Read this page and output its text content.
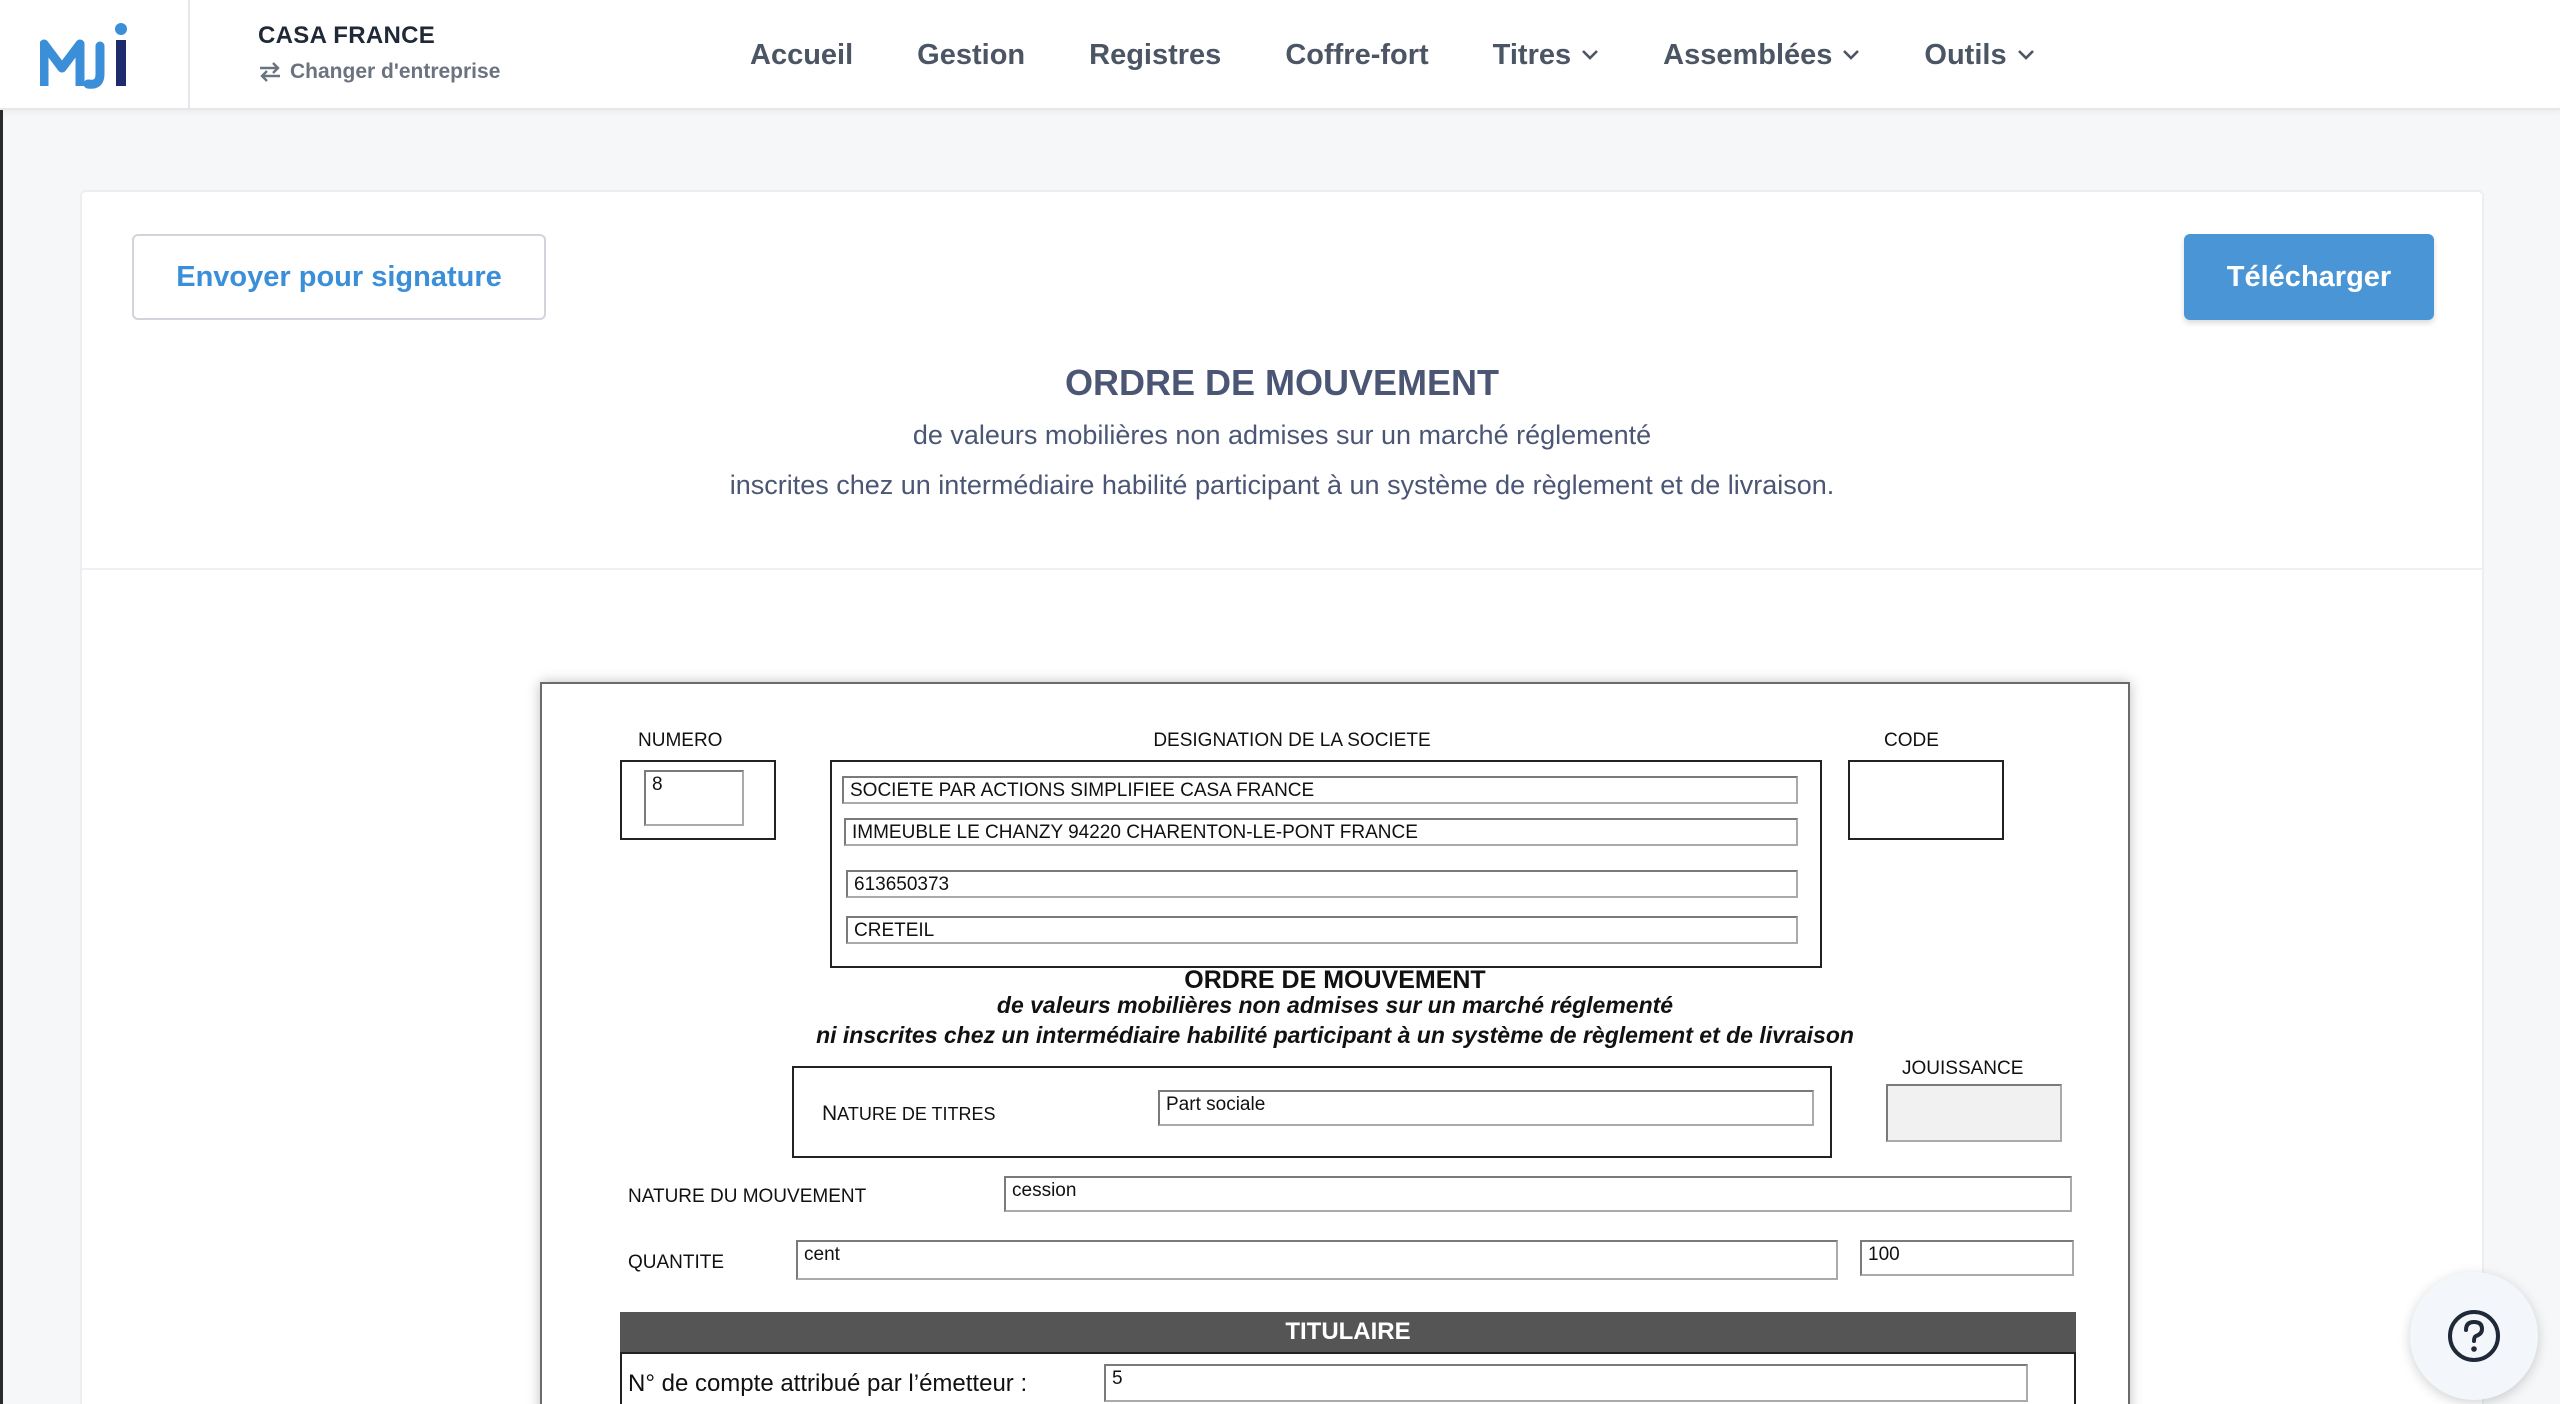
CASA FRANCE
Changer d'entreprise
Accueil Gestion Registres Coffre-fort Titres	Assemblées	Outils
Envoyer pour signature	Télécharger
ORDRE DE MOUVEMENT
de valeurs mobilières non admises sur un marché réglementé
inscrites chez un intermédiaire habilité participant à un système de règlement et de livraison.
NUMERO
8
DESIGNATION DE LA SOCIETE
SOCIETE PAR ACTIONS SIMPLIFIEE CASA FRANCE
IMMEUBLE LE CHANZY 94220 CHARENTON-LE-PONT FRANCE
613650373
CRETEIL
CODE
ORDRE DE MOUVEMENT
de valeurs mobilières non admises sur un marché réglementé
ni inscrites chez un intermédiaire habilité participant à un système de règlement et de livraison
NATURE DE TITRES	Part sociale
JOUISSANCE
NATURE DU MOUVEMENT	cession
QUANTITE	cent	100
TITULAIRE
N° de compte attribué par l’émetteur :	5
